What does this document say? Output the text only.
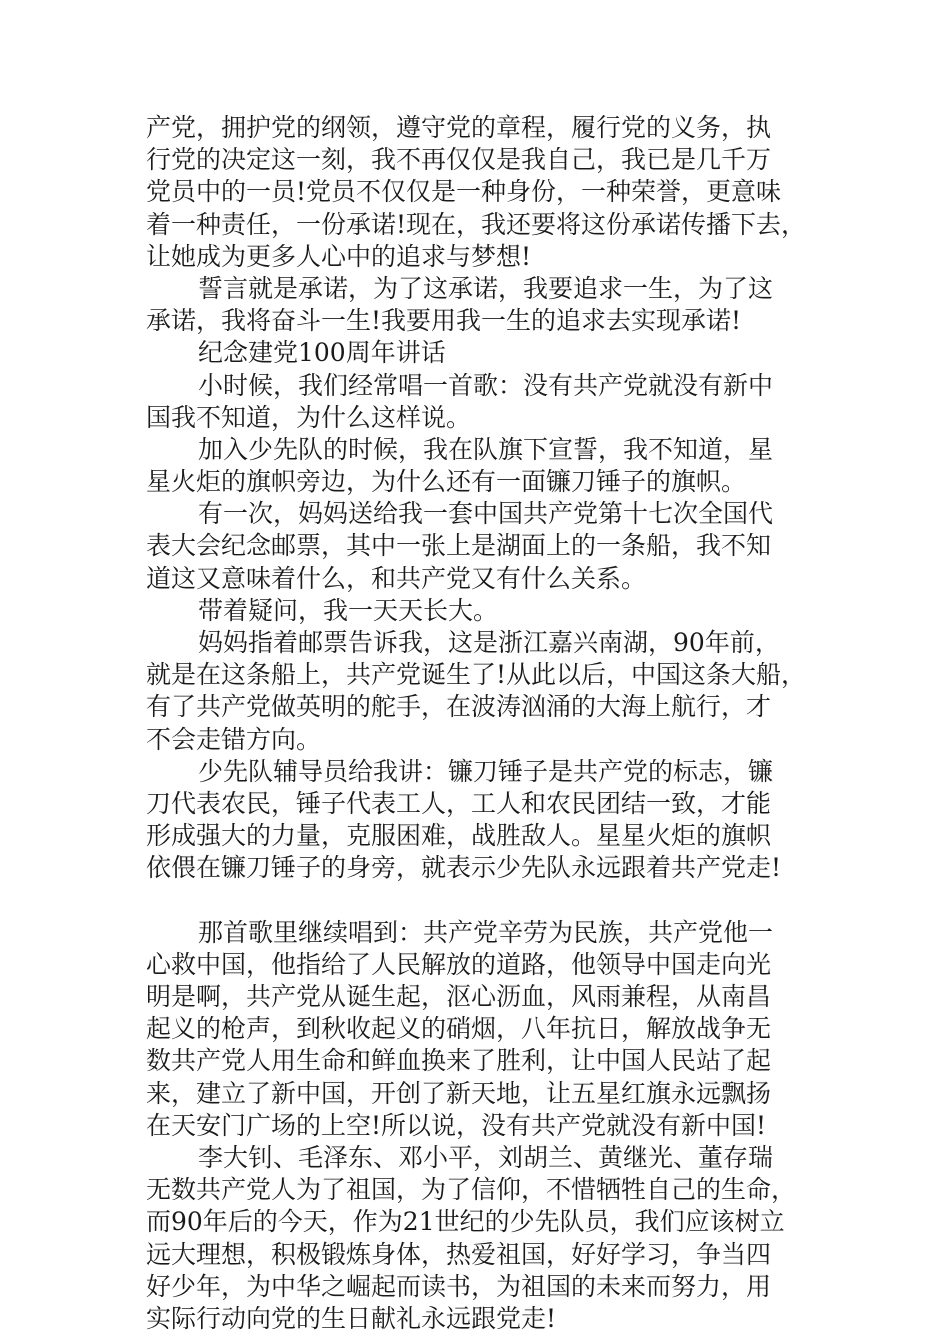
产党，拥护党的纲领，遵守党的章程，履行党的义务，执
行党的决定这一刻，我不再仅仅是我自己，我已是几千万
党员中的一员!党员不仅仅是一种身份，一种荣誉，更意味
着一种责任，一份承诺!现在，我还要将这份承诺传播下去，
让她成为更多人心中的追求与梦想!
誓言就是承诺，为了这承诺，我要追求一生，为了这
承诺，我将奋斗一生!我要用我一生的追求去实现承诺!
纪念建党100周年讲话
小时候，我们经常唱一首歌：没有共产党就没有新中
国我不知道，为什么这样说。
加入少先队的时候，我在队旗下宣誓，我不知道，星
星火炬的旗帜旁边，为什么还有一面镰刀锤子的旗帜。
有一次，妈妈送给我一套中国共产党第十七次全国代
表大会纪念邮票，其中一张上是湖面上的一条船，我不知
道这又意味着什么，和共产党又有什么关系。
带着疑问，我一天天长大。
妈妈指着邮票告诉我，这是浙江嘉兴南湖，90年前，
就是在这条船上，共产党诞生了!从此以后，中国这条大船，
有了共产党做英明的舵手，在波涛汹涌的大海上航行，才
不会走错方向。
少先队辅导员给我讲：镰刀锤子是共产党的标志，镰
刀代表农民，锤子代表工人，工人和农民团结一致，才能
形成强大的力量，克服困难，战胜敌人。星星火炬的旗帜
依偎在镰刀锤子的身旁，就表示少先队永远跟着共产党走!
那首歌里继续唱到：共产党辛劳为民族，共产党他一
心救中国，他指给了人民解放的道路，他领导中国走向光
明是啊，共产党从诞生起，沤心沥血，风雨兼程，从南昌
起义的枪声，到秋收起义的硝烟，八年抗日，解放战争无
数共产党人用生命和鲜血换来了胜利，让中国人民站了起
来，建立了新中国，开创了新天地，让五星红旗永远飘扬
在天安门广场的上空!所以说，没有共产党就没有新中国!
李大钊、毛泽东、邓小平，刘胡兰、黄继光、董存瑞
无数共产党人为了祖国，为了信仰，不惜牺牲自己的生命，
而90年后的今天，作为21世纪的少先队员，我们应该树立
远大理想，积极锻炼身体，热爱祖国，好好学习，争当四
好少年，为中华之崛起而读书，为祖国的未来而努力，用
实际行动向党的生日献礼永远跟党走!
